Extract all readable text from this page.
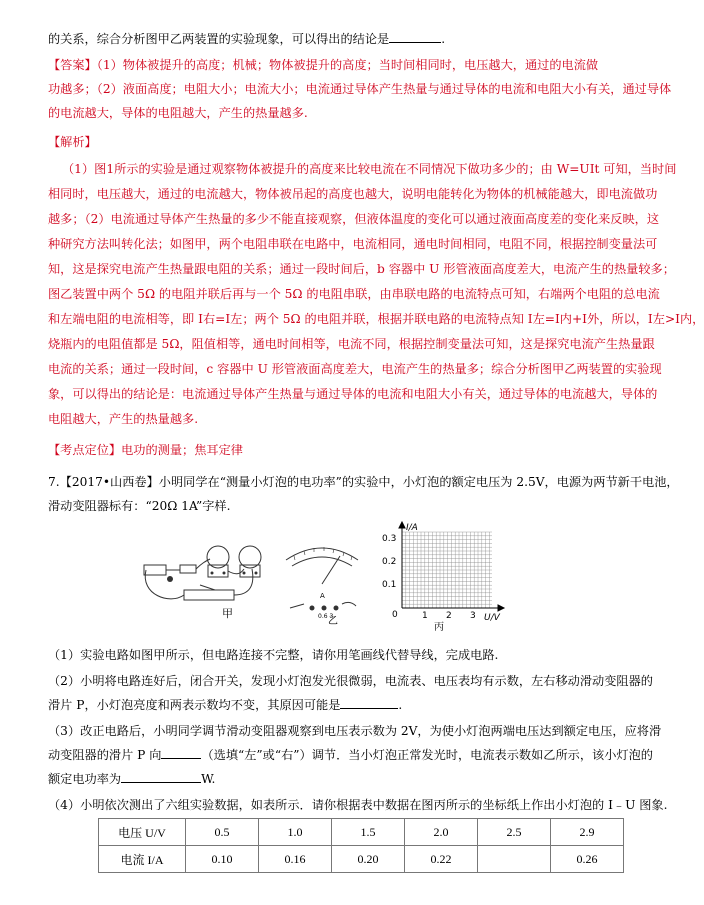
的关系，综合分析图甲乙两装置的实验现象，可以得出的结论是	.
【答案】（1）物体被提升的高度；机械；物体被提升的高度；当时间相同时，电压越大，通过的电流做
功越多；（2）液面高度；电阻大小；电流大小；电流通过导体产生热量与通过导体的电流和电阻大小有关，通过导体
的电流越大，导体的电阻越大，产生的热量越多.
【解析】
（1）图1所示的实验是通过观察物体被提升的高度来比较电流在不同情况下做功多少的；由 W=UIt 可知，当时间
相同时，电压越大，通过的电流越大，物体被吊起的高度也越大，说明电能转化为物体的机械能越大，即电流做功
越多；（2）电流通过导体产生热量的多少不能直接观察，但液体温度的变化可以通过液面高度差的变化来反映，这
种研究方法叫转化法；如图甲，两个电阻串联在电路中，电流相同，通电时间相同，电阻不同，根据控制变量法可
知，这是探究电流产生热量跟电阻的关系；通过一段时间后，b 容器中 U 形管液面高度差大，电流产生的热量较多；
图乙装置中两个 5Ω 的电阻并联后再与一个 5Ω 的电阻串联，由串联电路的电流特点可知，右端两个电阻的总电流
和左端电阻的电流相等，即 I右=I左；两个 5Ω 的电阻并联，根据并联电路的电流特点知 I左=I内+I外，所以，I左>I内，
烧瓶内的电阻值都是 5Ω，阻值相等，通电时间相等，电流不同，根据控制变量法可知，这是探究电流产生热量跟
电流的关系；通过一段时间，c 容器中 U 形管液面高度差大，电流产生的热量多；综合分析图甲乙两装置的实验现
象，可以得出的结论是：电流通过导体产生热量与通过导体的电流和电阻大小有关，通过导体的电流越大，导体的
电阻越大，产生的热量越多.
【考点定位】电功的测量；焦耳定律
7.【2017•山西卷】小明同学在“测量小灯泡的电功率”的实验中，小灯泡的额定电压为 2.5V，电源为两节新干电池，
滑动变阻器标有：“20Ω 1A”字样.
甲
A
0.6 3
乙
I/A
0
0.3
0.2
0.1
1 2 3 U/V
丙
（1）实验电路如图甲所示，但电路连接不完整，请你用笔画线代替导线，完成电路.
（2）小明将电路连好后，闭合开关，发现小灯泡发光很微弱，电流表、电压表均有示数，左右移动滑动变阻器的
滑片 P，小灯泡亮度和两表示数均不变，其原因可能是	.
（3）改正电路后，小明同学调节滑动变阻器观察到电压表示数为 2V，为使小灯泡两端电压达到额定电压，应将滑
动变阻器的滑片 P 向	（选填“左”或“右”）调节．当小灯泡正常发光时，电流表示数如乙所示，该小灯泡的
额定电功率为	W.
（4）小明依次测出了六组实验数据，如表所示．请你根据表中数据在图丙所示的坐标纸上作出小灯泡的 I﹣U 图象.
电压 U/V	0.5	1.0	1.5	2.0	2.5	2.9
电流 I/A	0.10	0.16	0.20	0.22		0.26
